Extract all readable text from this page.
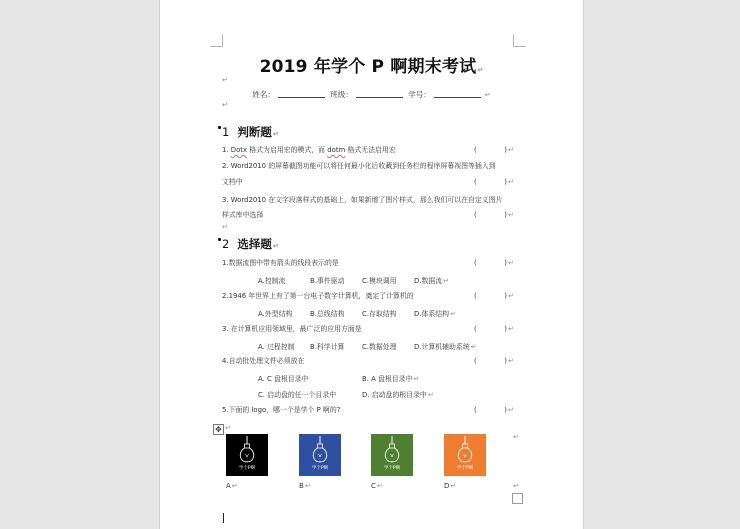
2019 年学个 P 啊期末考试↵
↵
姓名：	班级：	学号：	↵
↵
1 判断题↵
1. Dotx 格式为启用宏的模式，而 dotm 格式无法启用宏	(　　　　)↵
2. Word2010 的屏幕截图功能可以将任何最小化后收藏到任务栏的程序屏幕视图等插入到
文档中	(　　　　)↵
3. Word2010 在文字段落样式的基础上，如果新增了图片样式，那么我们可以在自定义图片
样式库中选择	(　　　　)↵
↵
2 选择题↵
1.数据流图中带有箭头的线段表示的是	(　　　　)↵
A.控制流	B.事件驱动	C.模块调用	D.数据流↵
2.1946 年世界上有了第一台电子数字计算机，奠定了计算机的	(　　　　)↵
A.外型结构	B.总线结构	C.存取结构	D.体系结构↵
3. 在计算机应用领域里，最广泛的应用方面是	(　　　　)↵
A. 过程控制 B.科学计算	C.数据处理	D.计算机辅助系统↵
4.自动批处理文件必须放在	(　　　　)↵
A. C 盘根目录中	B. A 盘根目录中↵
C. 启动盘的任一个目录中	D. 启动盘的根目录中↵
5.下面的 logo，哪一个是学个 P 啊的?	(　　　　)↵
✥ ↵
学个P啊	学个P啊	学个P啊	学个P啊
↵
A↵	B↵	C↵	D↵	↵
